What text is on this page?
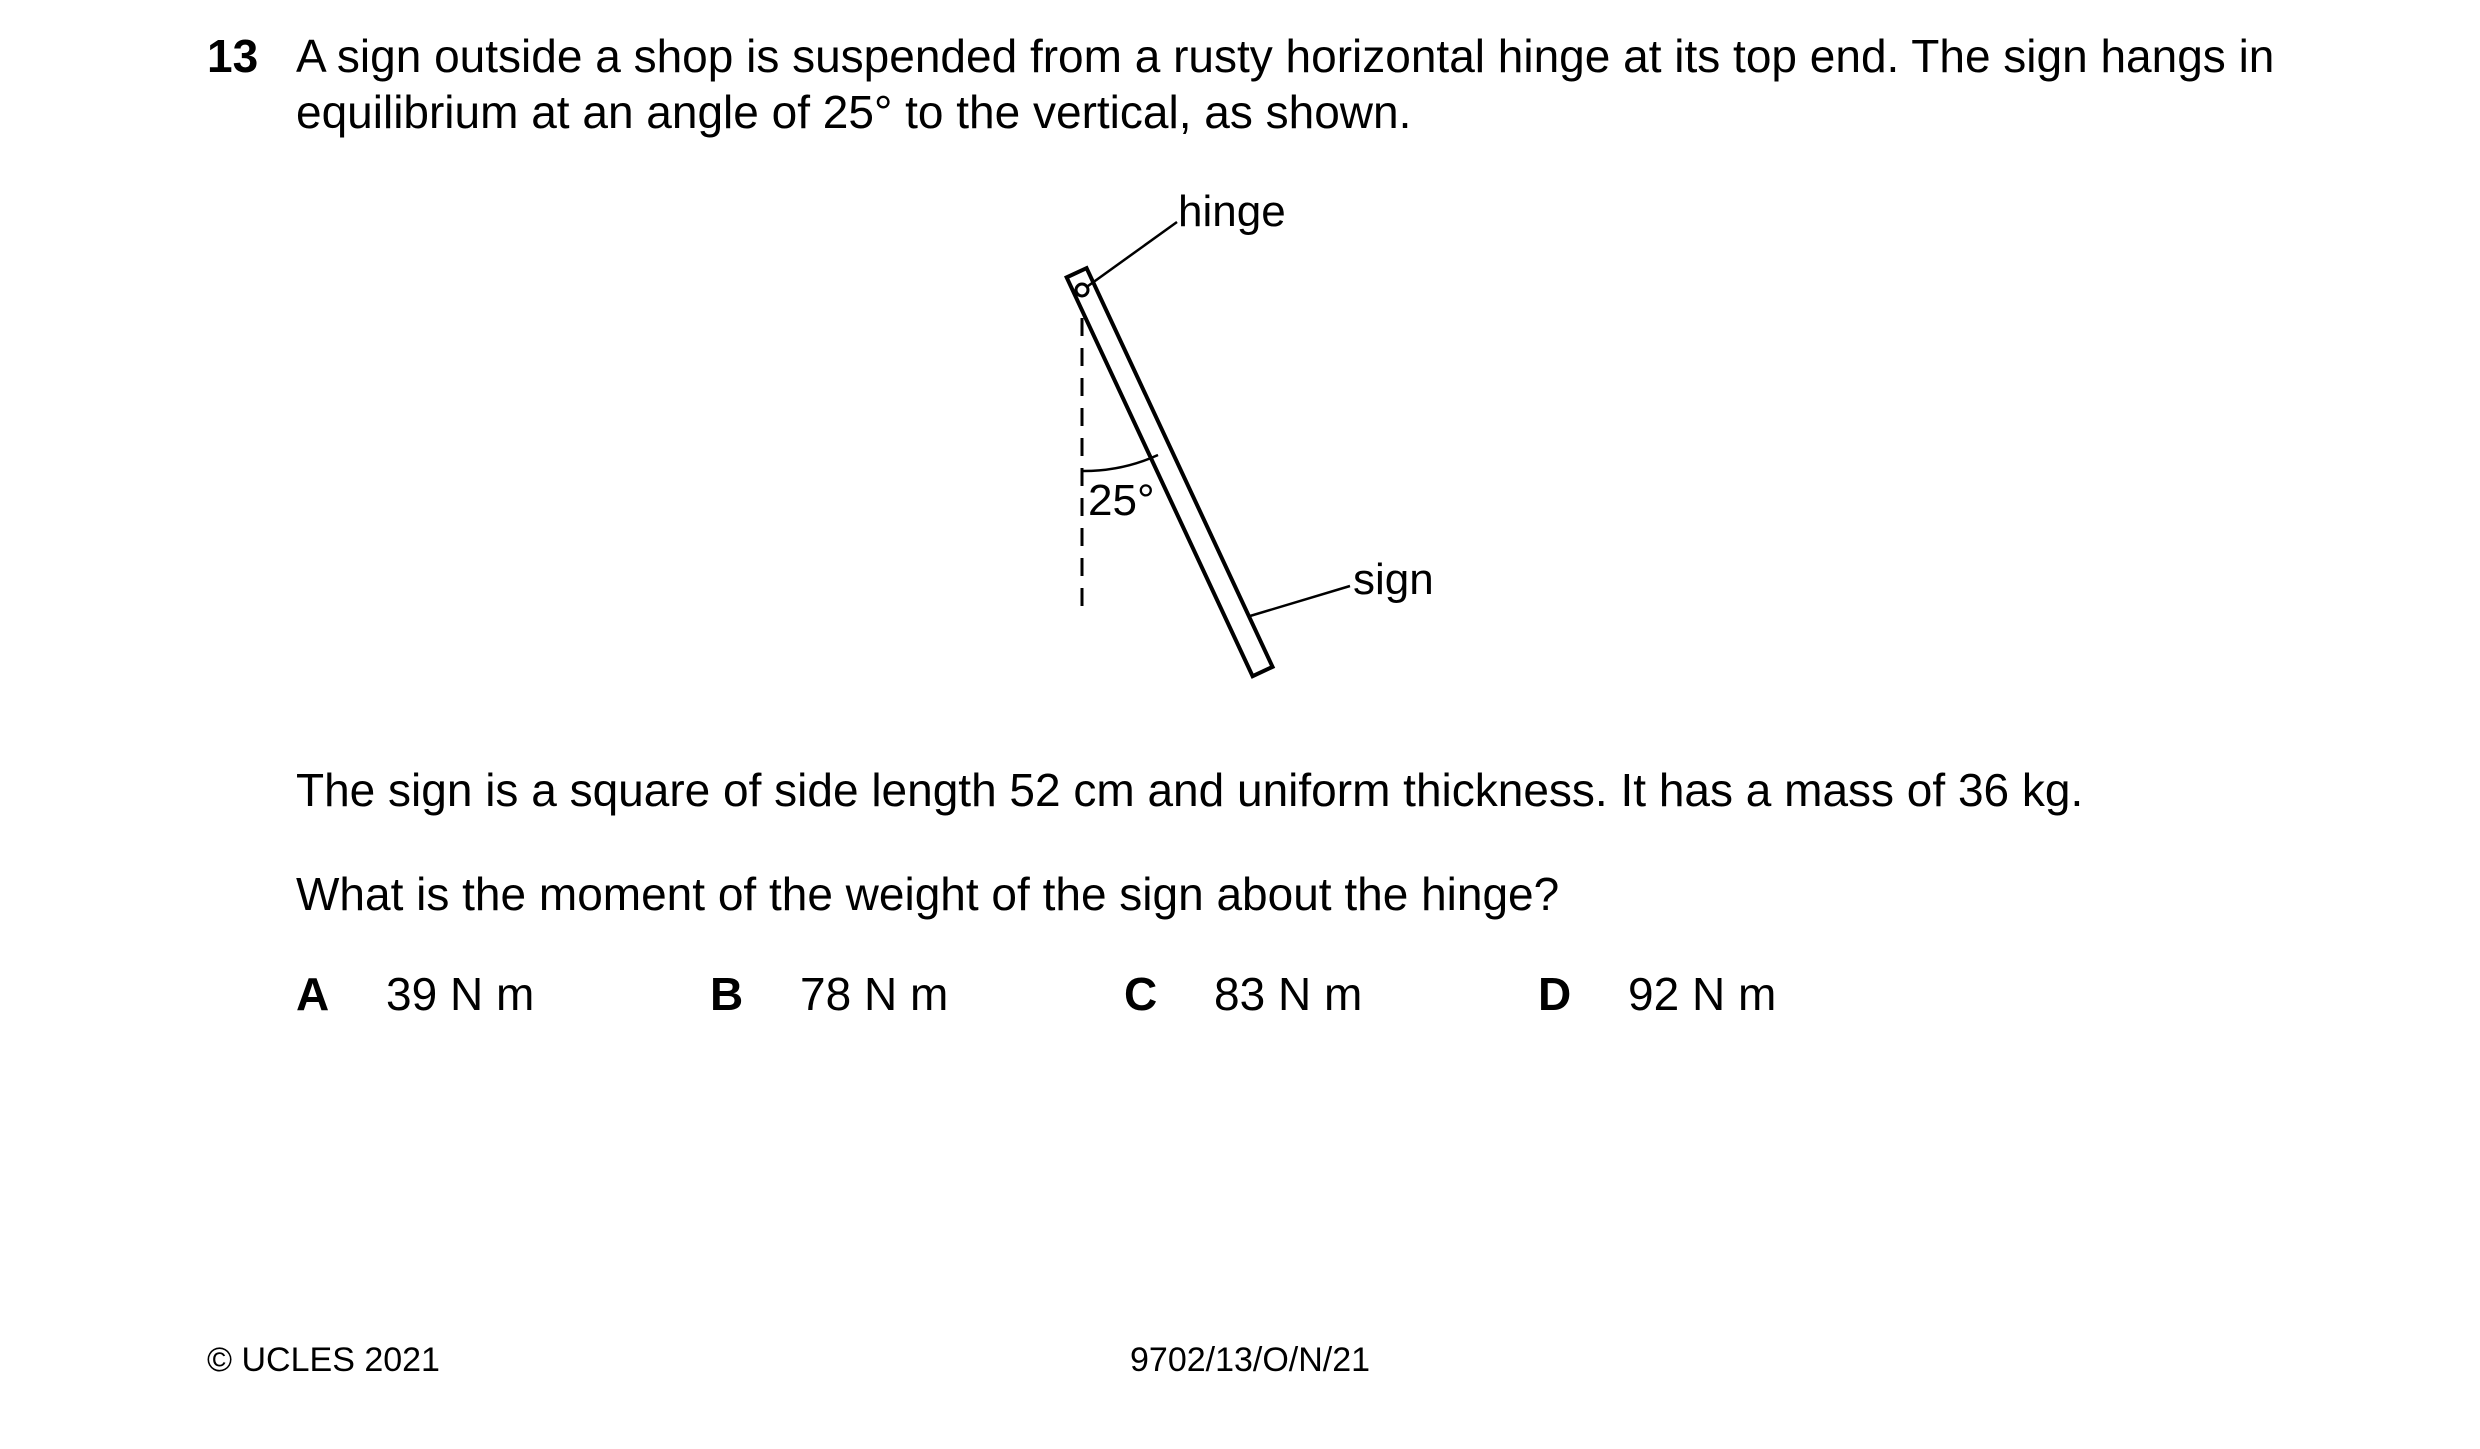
13 A sign outside a shop is suspended from a rusty horizontal hinge at its top end. The sign hangs in

equilibrium at an angle of 25° to the vertical, as shown.

hinge
25°
sign
The sign is a square of side length 52 cm and uniform thickness. It has a mass of 36 kg.
What is the moment of the weight of the sign about the hinge?
A 39 N m	B 78 N m	C 83 N m	D 92 N m
© UCLES 2021	9702/13/O/N/21
